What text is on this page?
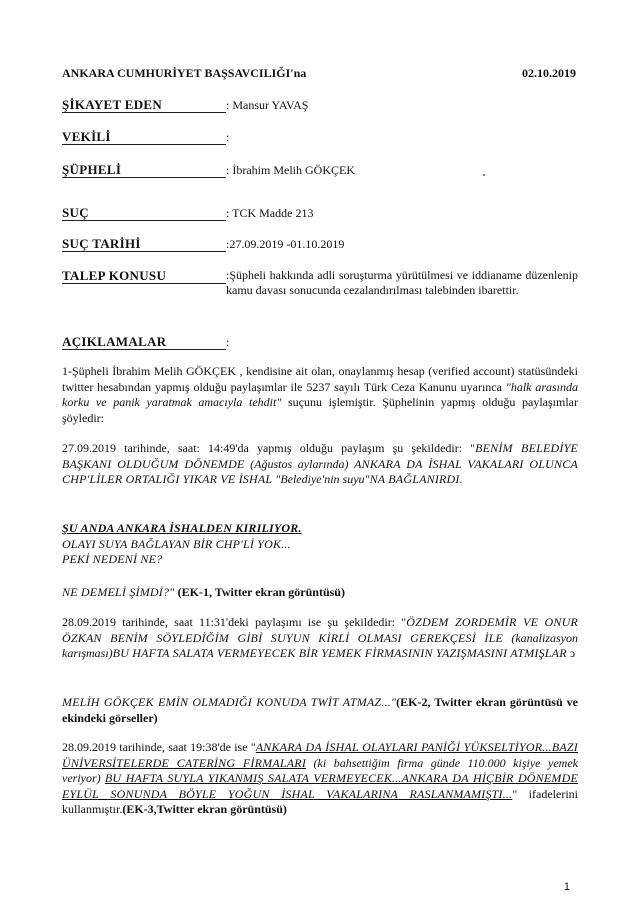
ANKARA CUMHURİYET BAŞSAVCILIĞI'na	02.10.2019
ŞİKAYET EDEN	: Mansur YAVAŞ
VEKİLİ	:
ŞÜPHELİ	: İbrahim Melih GÖKÇEK
SUÇ	: TCK Madde 213
SUÇ TARİHİ	:27.09.2019 -01.10.2019
TALEP KONUSU	:Şüpheli hakkında adli soruşturma yürütülmesi ve iddianame düzenlenip kamu davası sonucunda cezalandırılması talebinden ibarettir.
AÇIKLAMALAR	:

1-Şüpheli İbrahim Melih GÖKÇEK , kendisine ait olan, onaylanmış hesap (verified account) statüsündeki twitter hesabından yapmış olduğu paylaşımlar ile 5237 sayılı Türk Ceza Kanunu uyarınca "halk arasında korku ve panik yaratmak amacıyla tehdit" suçunu işlemiştir. Şüphelinin yapmış olduğu paylaşımlar şöyledir:

27.09.2019 tarihinde, saat: 14:49'da yapmış olduğu paylaşım şu şekildedir: "BENİM BELEDİYE BAŞKANI OLDUĞUM DÖNEMDE (Ağustos aylarında) ANKARA DA İSHAL VAKALARI OLUNCA CHP'LİLER ORTALIĞI YIKAR VE İSHAL "Belediye'nin suyu"NA BAĞLANIRDI.

ŞU ANDA ANKARA İSHALDEN KIRILIYOR.

OLAYI SUYA BAĞLAYAN BİR CHP'Lİ YOK...

PEKİ NEDENİ NE?

NE DEMELİ ŞİMDİ?" (EK-1, Twitter ekran görüntüsü)

28.09.2019 tarihinde, saat 11:31'deki paylaşımı ise şu şekildedir: "ÖZDEM ZORDEMİR VE ONUR ÖZKAN BENİM SÖYLEDİĞİM GİBİ SUYUN KİRLİ OLMASI GEREKÇESİ İLE (kanalizasyon karışması)BU HAFTA SALATA VERMEYECEK BİR YEMEK FİRMASININ YAZIŞMASINI ATMIŞLAR ↄ

MELİH GÖKÇEK EMİN OLMADIĞI KONUDA TWİT ATMAZ..."(EK-2, Twitter ekran görüntüsü ve ekindeki görseller)

28.09.2019 tarihinde, saat 19:38'de ise "ANKARA DA İSHAL OLAYLARI PANİĞİ YÜKSELTİYOR...BAZI ÜNİVERSİTELERDE CATERİNG FİRMALARI (ki bahsettiğim firma günde 110.000 kişiye yemek veriyor) BU HAFTA SUYLA YIKANMIŞ SALATA VERMEYECEK...ANKARA DA HİÇBİR DÖNEMDE EYLÜL SONUNDA BÖYLE YOĞUN İSHAL VAKALARINA RASLANMAMIŞTI..." ifadelerini kullanmıştır.(EK-3,Twitter ekran görüntüsü)

1
